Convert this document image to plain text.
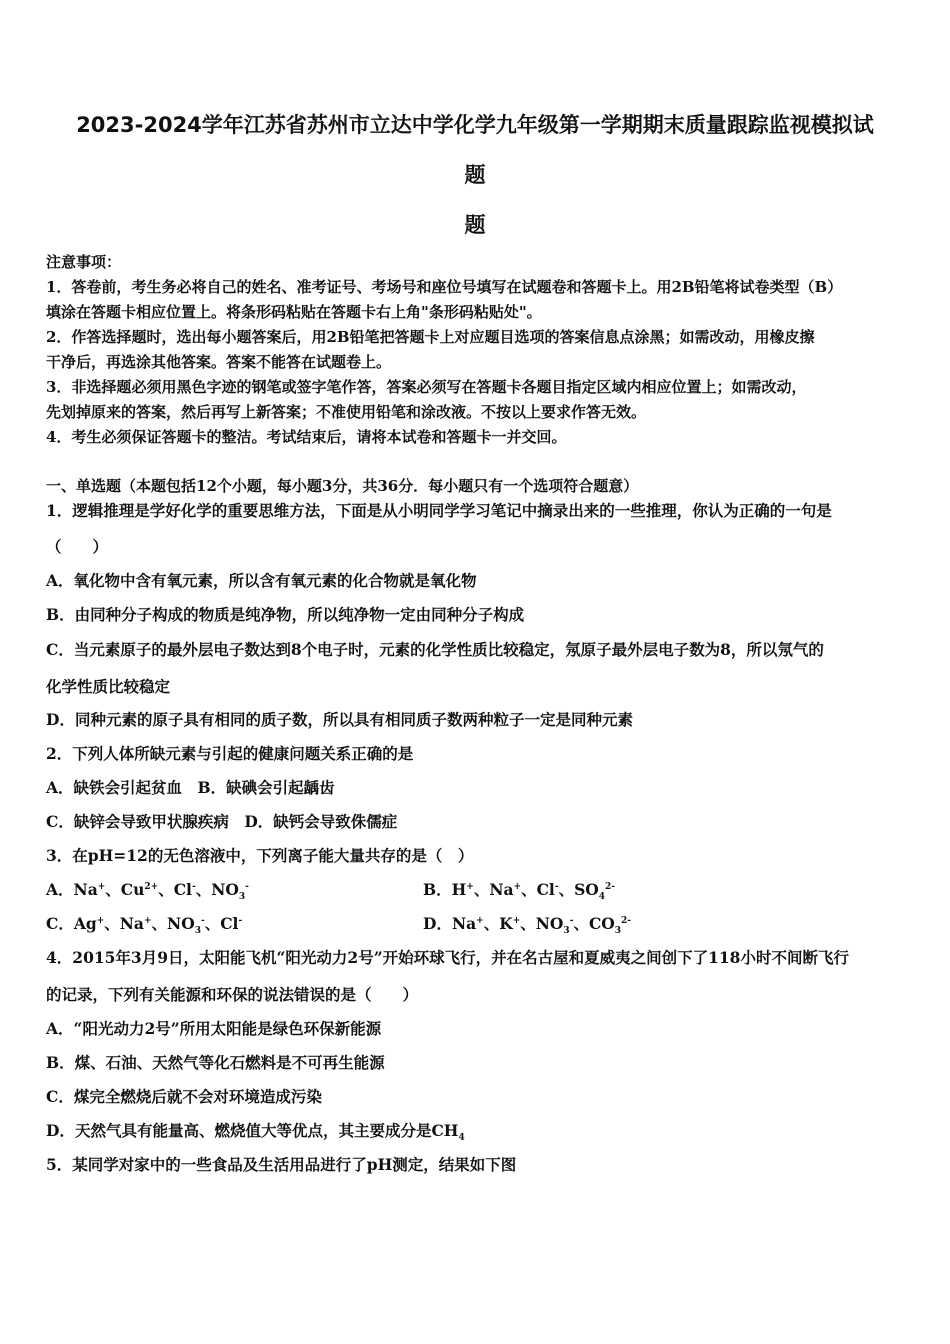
2023-2024学年江苏省苏州市立达中学化学九年级第一学期期末质量跟踪监视模拟试
题
题
注意事项：
1．答卷前，考生务必将自己的姓名、准考证号、考场号和座位号填写在试题卷和答题卡上。用2B铅笔将试卷类型（B）
填涂在答题卡相应位置上。将条形码粘贴在答题卡右上角"条形码粘贴处"。
2．作答选择题时，选出每小题答案后，用2B铅笔把答题卡上对应题目选项的答案信息点涂黑；如需改动，用橡皮擦
干净后，再选涂其他答案。答案不能答在试题卷上。
3．非选择题必须用黑色字迹的钢笔或签字笔作答，答案必须写在答题卡各题目指定区域内相应位置上；如需改动，
先划掉原来的答案，然后再写上新答案；不准使用铅笔和涂改液。不按以上要求作答无效。
4．考生必须保证答题卡的整洁。考试结束后，请将本试卷和答题卡一并交回。
一、单选题（本题包括12个小题，每小题3分，共36分．每小题只有一个选项符合题意）
1．逻辑推理是学好化学的重要思维方法，下面是从小明同学学习笔记中摘录出来的一些推理，你认为正确的一句是
（　　）
A．氧化物中含有氧元素，所以含有氧元素的化合物就是氧化物
B．由同种分子构成的物质是纯净物，所以纯净物一定由同种分子构成
C．当元素原子的最外层电子数达到8个电子时，元素的化学性质比较稳定，氖原子最外层电子数为8，所以氖气的
化学性质比较稳定
D．同种元素的原子具有相同的质子数，所以具有相同质子数两种粒子一定是同种元素
2．下列人体所缺元素与引起的健康问题关系正确的是
A．缺铁会引起贫血　B．缺碘会引起龋齿
C．缺锌会导致甲状腺疾病　D．缺钙会导致侏儒症
3．在pH=12的无色溶液中，下列离子能大量共存的是（　）
A．Na+、$Cu^{2+}$、Cl-、$NO_3^-$	B．H+、Na+、Cl-、$SO_4^{2-}$
C．Ag+、Na+、$NO_3^-$、Cl-	D．Na+、K+、$NO_3^-$、$CO_3^{2-}$
4．2015年3月9日，太阳能飞机“阳光动力2号”开始环球飞行，并在名古屋和夏威夷之间创下了118小时不间断飞行
的记录，下列有关能源和环保的说法错误的是（　　）
A．“阳光动力2号”所用太阳能是绿色环保新能源
B．煤、石油、天然气等化石燃料是不可再生能源
C．煤完全燃烧后就不会对环境造成污染
D．天然气具有能量高、燃烧值大等优点，其主要成分是$CH_4$
5．某同学对家中的一些食品及生活用品进行了pH测定，结果如下图
